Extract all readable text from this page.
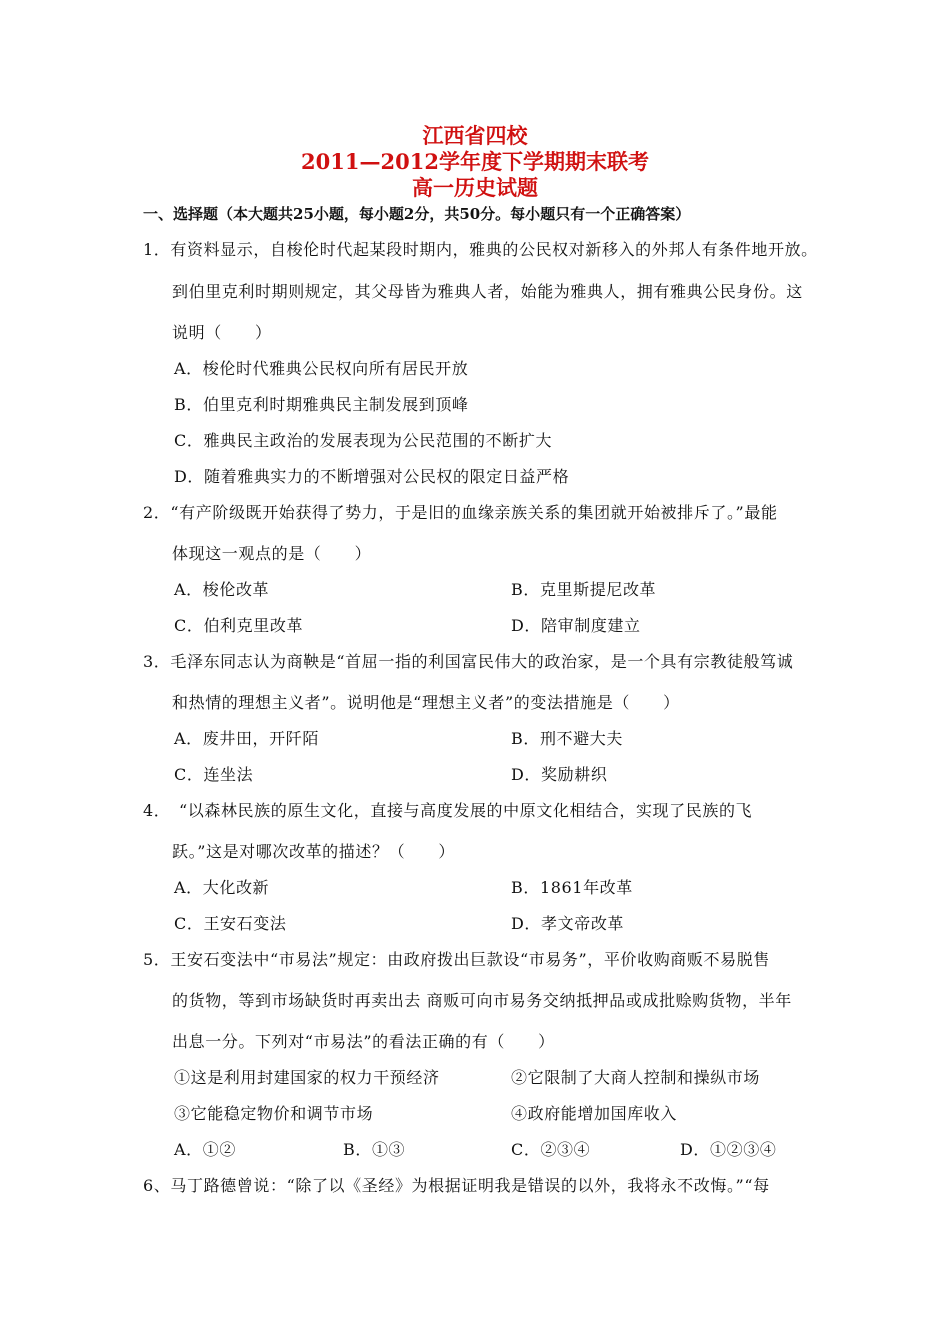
江西省四校
2011—2012学年度下学期期末联考
高一历史试题
一、选择题（本大题共25小题，每小题2分，共50分。每小题只有一个正确答案）
1．有资料显示，自梭伦时代起某段时期内，雅典的公民权对新移入的外邦人有条件地开放。
到伯里克利时期则规定，其父母皆为雅典人者，始能为雅典人，拥有雅典公民身份。这
说明（　　）
A．梭伦时代雅典公民权向所有居民开放
B．伯里克利时期雅典民主制发展到顶峰
C．雅典民主政治的发展表现为公民范围的不断扩大
D．随着雅典实力的不断增强对公民权的限定日益严格
2．“有产阶级既开始获得了势力，于是旧的血缘亲族关系的集团就开始被排斥了。”最能
体现这一观点的是（　　）
A．梭伦改革	B．克里斯提尼改革
C．伯利克里改革	D．陪审制度建立
3．毛泽东同志认为商鞅是“首屈一指的利国富民伟大的政治家，是一个具有宗教徒般笃诚
和热情的理想主义者”。说明他是“理想主义者”的变法措施是（　　）
A．废井田，开阡陌	B．刑不避大夫
C．连坐法	D．奖励耕织
4．　“以森林民族的原生文化，直接与高度发展的中原文化相结合，实现了民族的飞
跃。”这是对哪次改革的描述？（　　）
A．大化改新	B．1861年改革
C．王安石变法	D．孝文帝改革
5．王安石变法中“市易法”规定：由政府拨出巨款设“市易务”，平价收购商贩不易脱售
的货物，等到市场缺货时再卖出去 商贩可向市易务交纳抵押品或成批赊购货物，半年
出息一分。下列对“市易法”的看法正确的有（　　）
①这是利用封建国家的权力干预经济	②它限制了大商人控制和操纵市场
③它能稳定物价和调节市场	④政府能增加国库收入
A．①②	B．①③	C．②③④	D．①②③④
6、马丁路德曾说：“除了以《圣经》为根据证明我是错误的以外，我将永不改悔。”“每
